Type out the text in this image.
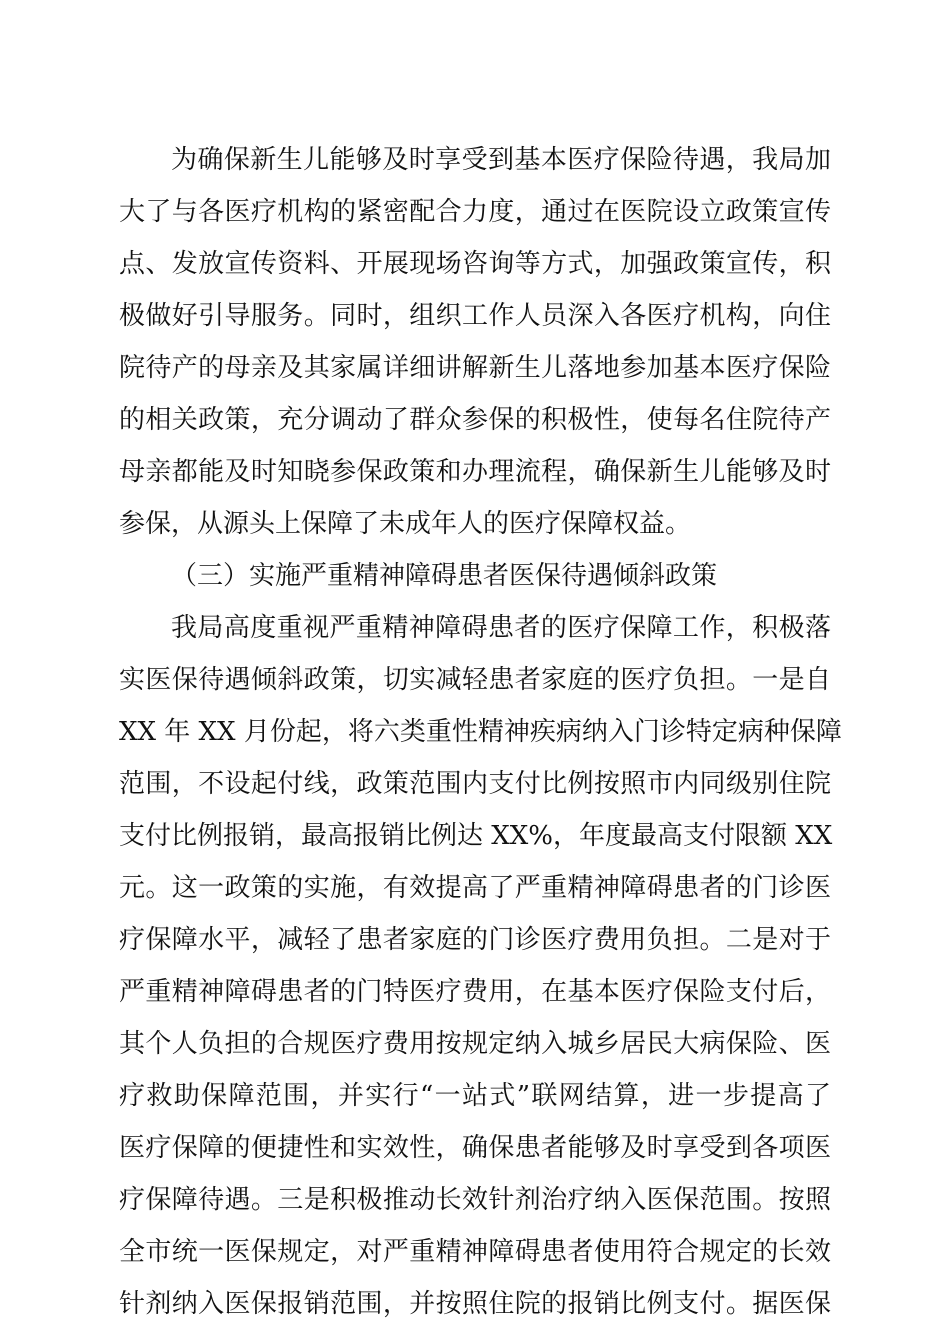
为确保新生儿能够及时享受到基本医疗保险待遇，我局加
大了与各医疗机构的紧密配合力度，通过在医院设立政策宣传
点、发放宣传资料、开展现场咨询等方式，加强政策宣传，积
极做好引导服务。同时，组织工作人员深入各医疗机构，向住
院待产的母亲及其家属详细讲解新生儿落地参加基本医疗保险
的相关政策，充分调动了群众参保的积极性，使每名住院待产
母亲都能及时知晓参保政策和办理流程，确保新生儿能够及时
参保，从源头上保障了未成年人的医疗保障权益。
（三）实施严重精神障碍患者医保待遇倾斜政策
我局高度重视严重精神障碍患者的医疗保障工作，积极落
实医保待遇倾斜政策，切实减轻患者家庭的医疗负担。一是自
XX 年 XX 月份起，将六类重性精神疾病纳入门诊特定病种保障
范围，不设起付线，政策范围内支付比例按照市内同级别住院
支付比例报销，最高报销比例达 XX%，年度最高支付限额 XX
元。这一政策的实施，有效提高了严重精神障碍患者的门诊医
疗保障水平，减轻了患者家庭的门诊医疗费用负担。二是对于
严重精神障碍患者的门特医疗费用，在基本医疗保险支付后，
其个人负担的合规医疗费用按规定纳入城乡居民大病保险、医
疗救助保障范围，并实行“一站式”联网结算，进一步提高了
医疗保障的便捷性和实效性，确保患者能够及时享受到各项医
疗保障待遇。三是积极推动长效针剂治疗纳入医保范围。按照
全市统一医保规定，对严重精神障碍患者使用符合规定的长效
针剂纳入医保报销范围，并按照住院的报销比例支付。据医保
